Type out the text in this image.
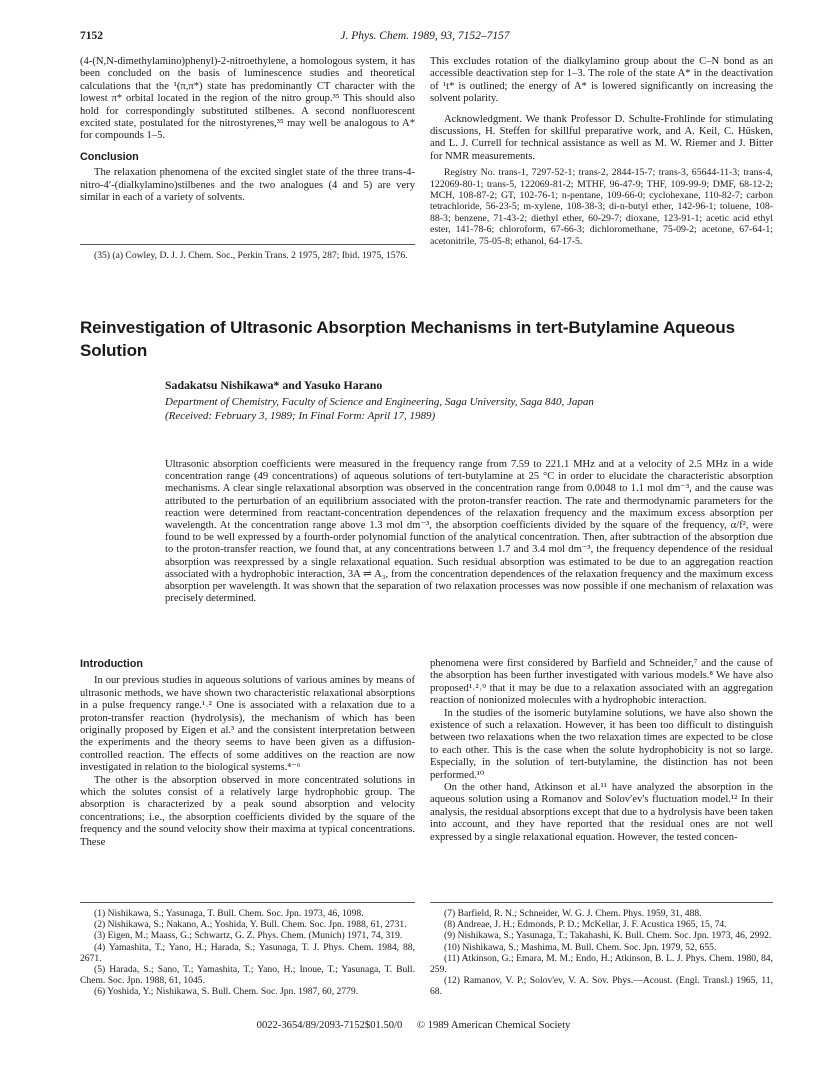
7152	J. Phys. Chem. 1989, 93, 7152–7157

(4-(N,N-dimethylamino)phenyl)-2-nitroethylene, a homologous system, it has been concluded on the basis of luminescence studies and theoretical calculations that the ¹(π,π*) state has predominantly CT character with the lowest π* orbital located in the region of the nitro group.³⁵ This should also hold for correspondingly substituted stilbenes. A second nonfluorescent excited state, postulated for the nitrostyrenes,³⁵ may well be analogous to A* for compounds 1–5.

Conclusion

The relaxation phenomena of the excited singlet state of the three trans-4-nitro-4′-(dialkylamino)stilbenes and the two analogues (4 and 5) are very similar in each of a variety of solvents.

(35) (a) Cowley, D. J. J. Chem. Soc., Perkin Trans. 2 1975, 287; Ibid. 1975, 1576.

This excludes rotation of the dialkylamino group about the C–N bond as an accessible deactivation step for 1–3. The role of the state A* in the deactivation of ¹t* is outlined; the energy of A* is lowered significantly on increasing the solvent polarity.

Acknowledgment. We thank Professor D. Schulte-Frohlinde for stimulating discussions, H. Steffen for skillful preparative work, and A. Keil, C. Hüsken, and L. J. Currell for technical assistance as well as M. W. Riemer and J. Bitter for NMR measurements.

Registry No. trans-1, 7297-52-1; trans-2, 2844-15-7; trans-3, 65644-11-3; trans-4, 122069-80-1; trans-5, 122069-81-2; MTHF, 96-47-9; THF, 109-99-9; DMF, 68-12-2; MCH, 108-87-2; GT, 102-76-1; n-pentane, 109-66-0; cyclohexane, 110-82-7; carbon tetrachloride, 56-23-5; m-xylene, 108-38-3; di-n-butyl ether, 142-96-1; toluene, 108-88-3; benzene, 71-43-2; diethyl ether, 60-29-7; dioxane, 123-91-1; acetic acid ethyl ester, 141-78-6; chloroform, 67-66-3; dichloromethane, 75-09-2; acetone, 67-64-1; acetonitrile, 75-05-8; ethanol, 64-17-5.

Reinvestigation of Ultrasonic Absorption Mechanisms in tert-Butylamine Aqueous Solution
Sadakatsu Nishikawa* and Yasuko Harano
Department of Chemistry, Faculty of Science and Engineering, Saga University, Saga 840, Japan
(Received: February 3, 1989; In Final Form: April 17, 1989)

Ultrasonic absorption coefficients were measured in the frequency range from 7.59 to 221.1 MHz and at a velocity of 2.5 MHz in a wide concentration range (49 concentrations) of aqueous solutions of tert-butylamine at 25 °C in order to elucidate the characteristic absorption mechanisms. A clear single relaxational absorption was observed in the concentration range from 0.0048 to 1.1 mol dm⁻³, and the cause was attributed to the perturbation of an equilibrium associated with the proton-transfer reaction. The rate and thermodynamic parameters for the reaction were determined from reactant-concentration dependences of the relaxation frequency and the maximum excess absorption per wavelength. At the concentration range above 1.3 mol dm⁻³, the absorption coefficients divided by the square of the frequency, α/f², were found to be well expressed by a fourth-order polynomial function of the analytical concentration. Then, after subtraction of the absorption due to the proton-transfer reaction, we found that, at any concentrations between 1.7 and 3.4 mol dm⁻³, the frequency dependence of the residual absorption was reexpressed by a single relaxational equation. Such residual absorption was estimated to be due to an aggregation reaction associated with a hydrophobic interaction, 3A ⇌ A₃, from the concentration dependences of the relaxation frequency and the maximum excess absorption per wavelength. It was shown that the separation of two relaxation processes was now possible if one mechanism of relaxation was precisely determined.

Introduction

In our previous studies in aqueous solutions of various amines by means of ultrasonic methods, we have shown two characteristic relaxational absorptions in a pulse frequency range.¹˒² One is associated with a relaxation due to a proton-transfer reaction (hydrolysis), the mechanism of which has been originally proposed by Eigen et al.³ and the consistent interpretation between the experiments and the theory seems to have been given as a diffusion-controlled reaction. The effects of some additives on the reaction are now investigated in relation to the biological systems.⁴⁻⁶

The other is the absorption observed in more concentrated solutions in which the solutes consist of a relatively large hydrophobic group. The absorption is characterized by a peak sound absorption and velocity concentrations; i.e., the absorption coefficients divided by the square of the frequency and the sound velocity show their maxima at typical concentrations. These

phenomena were first considered by Barfield and Schneider,⁷ and the cause of the absorption has been further investigated with various models.⁸ We have also proposed¹˒²˒⁹ that it may be due to a relaxation associated with an aggregation reaction of nonionized molecules with a hydrophobic interaction.

In the studies of the isomeric butylamine solutions, we have also shown the existence of such a relaxation. However, it has been too difficult to distinguish between two relaxations when the two relaxation times are expected to be close to each other. This is the case when the solute hydrophobicity is not so large. Especially, in the solution of tert-butylamine, the distinction has not been performed.¹⁰

On the other hand, Atkinson et al.¹¹ have analyzed the absorption in the aqueous solution using a Romanov and Solov′ev's fluctuation model.¹² In their analysis, the residual absorptions except that due to a hydrolysis have been taken into account, and they have reported that the residual ones are not well expressed by a single relaxational equation. However, the tested concen-

(1) Nishikawa, S.; Yasunaga, T. Bull. Chem. Soc. Jpn. 1973, 46, 1098.

(2) Nishikawa, S.; Nakano, A.; Yoshida, Y. Bull. Chem. Soc. Jpn. 1988, 61, 2731.

(3) Eigen, M.; Maass, G.; Schwartz, G. Z. Phys. Chem. (Munich) 1971, 74, 319.

(4) Yamashita, T.; Yano, H.; Harada, S.; Yasunaga, T. J. Phys. Chem. 1984, 88, 2671.

(5) Harada, S.; Sano, T.; Yamashita, T.; Yano, H.; Inoue, T.; Yasunaga, T. Bull. Chem. Soc. Jpn. 1988, 61, 1045.

(6) Yoshida, Y.; Nishikawa, S. Bull. Chem. Soc. Jpn. 1987, 60, 2779.

(7) Barfield, R. N.; Schneider, W. G. J. Chem. Phys. 1959, 31, 488.

(8) Andreae, J. H.; Edmonds, P. D.; McKellar, J. F. Acustica 1965, 15, 74.

(9) Nishikawa, S.; Yasunaga, T.; Takahashi, K. Bull. Chem. Soc. Jpn. 1973, 46, 2992.

(10) Nishikawa, S.; Mashima, M. Bull. Chem. Soc. Jpn. 1979, 52, 655.

(11) Atkinson, G.; Emara, M. M.; Endo, H.; Atkinson, B. L. J. Phys. Chem. 1980, 84, 259.

(12) Ramanov, V. P.; Solov'ev, V. A. Sov. Phys.—Acoust. (Engl. Transl.) 1965, 11, 68.

0022-3654/89/2093-7152$01.50/0 © 1989 American Chemical Society
